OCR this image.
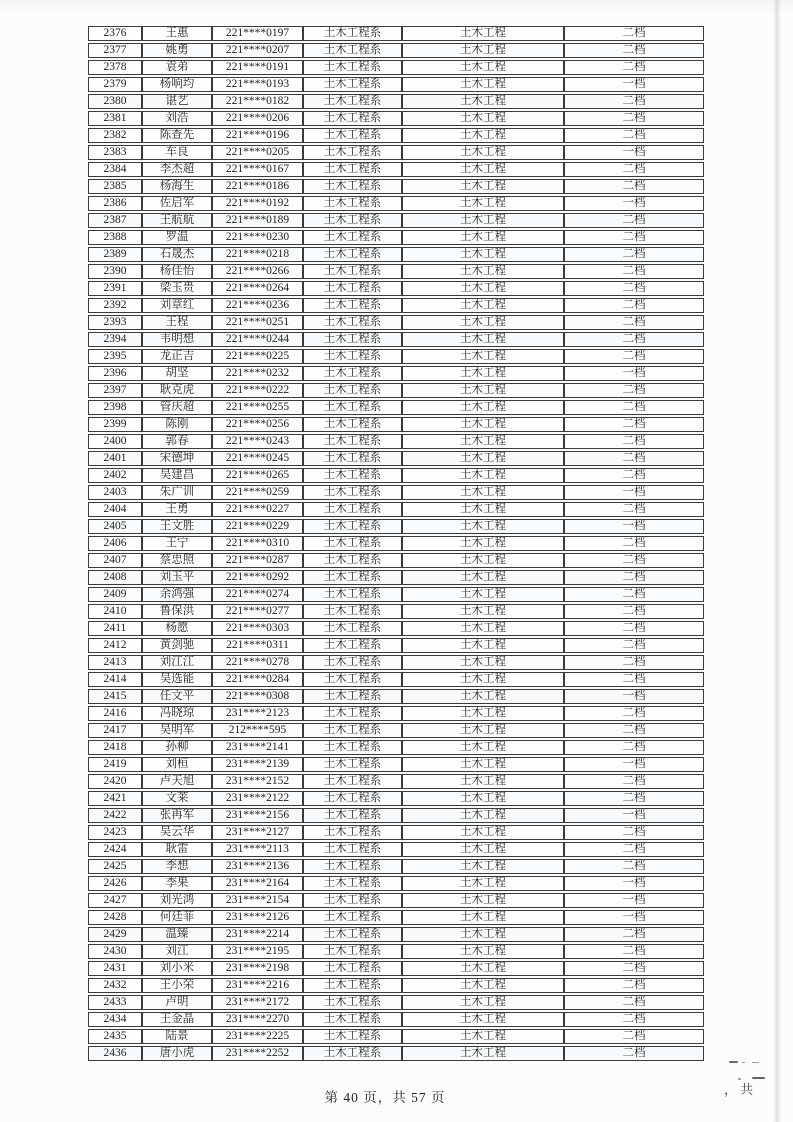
2376	王惠	221****0197	土木工程系	土木工程	二档
2377	姚勇	221****0207	土木工程系	土木工程	二档
2378	袁弟	221****0191	土木工程系	土木工程	二档
2379	杨响均	221****0193	土木工程系	土木工程	一档
2380	谌艺	221****0182	土木工程系	土木工程	二档
2381	刘浩	221****0206	土木工程系	土木工程	二档
2382	陈查先	221****0196	土木工程系	土木工程	二档
2383	车良	221****0205	土木工程系	土木工程	一档
2384	李杰超	221****0167	土木工程系	土木工程	二档
2385	杨海生	221****0186	土木工程系	土木工程	二档
2386	佐启军	221****0192	土木工程系	土木工程	一档
2387	王航航	221****0189	土木工程系	土木工程	二档
2388	罗温	221****0230	土木工程系	土木工程	二档
2389	石晟杰	221****0218	土木工程系	土木工程	二档
2390	杨佳怡	221****0266	土木工程系	土木工程	二档
2391	梁玉贵	221****0264	土木工程系	土木工程	二档
2392	刘章红	221****0236	土木工程系	土木工程	二档
2393	王程	221****0251	土木工程系	土木工程	二档
2394	韦明想	221****0244	土木工程系	土木工程	二档
2395	龙正吉	221****0225	土木工程系	土木工程	二档
2396	胡坚	221****0232	土木工程系	土木工程	一档
2397	耿克虎	221****0222	土木工程系	土木工程	二档
2398	管庆超	221****0255	土木工程系	土木工程	二档
2399	陈刚	221****0256	土木工程系	土木工程	二档
2400	郭春	221****0243	土木工程系	土木工程	二档
2401	宋德坤	221****0245	土木工程系	土木工程	二档
2402	吴建昌	221****0265	土木工程系	土木工程	二档
2403	朱广训	221****0259	土木工程系	土木工程	一档
2404	王勇	221****0227	土木工程系	土木工程	二档
2405	王文胜	221****0229	土木工程系	土木工程	一档
2406	王宁	221****0310	土木工程系	土木工程	二档
2407	蔡忠照	221****0287	土木工程系	土木工程	二档
2408	刘玉平	221****0292	土木工程系	土木工程	二档
2409	余鸿强	221****0274	土木工程系	土木工程	二档
2410	鲁保洪	221****0277	土木工程系	土木工程	二档
2411	杨愿	221****0303	土木工程系	土木工程	二档
2412	黄剑驰	221****0311	土木工程系	土木工程	二档
2413	刘江江	221****0278	土木工程系	土木工程	二档
2414	吴选能	221****0284	土木工程系	土木工程	二档
2415	任文平	221****0308	土木工程系	土木工程	一档
2416	冯晓琼	231****2123	土木工程系	土木工程	二档
2417	吴明军	212****595	土木工程系	土木工程	二档
2418	孙柳	231****2141	土木工程系	土木工程	二档
2419	刘桓	231****2139	土木工程系	土木工程	一档
2420	卢天旭	231****2152	土木工程系	土木工程	二档
2421	文莱	231****2122	土木工程系	土木工程	二档
2422	张再军	231****2156	土木工程系	土木工程	一档
2423	吴云华	231****2127	土木工程系	土木工程	二档
2424	耿雷	231****2113	土木工程系	土木工程	二档
2425	李想	231****2136	土木工程系	土木工程	二档
2426	李果	231****2164	土木工程系	土木工程	一档
2427	刘光鸿	231****2154	土木工程系	土木工程	一档
2428	何廷菲	231****2126	土木工程系	土木工程	一档
2429	温臻	231****2214	土木工程系	土木工程	二档
2430	刘江	231****2195	土木工程系	土木工程	二档
2431	刘小米	231****2198	土木工程系	土木工程	二档
2432	王小荣	231****2216	土木工程系	土木工程	二档
2433	卢明	231****2172	土木工程系	土木工程	二档
2434	王金晶	231****2270	土木工程系	土木工程	二档
2435	陆景	231****2225	土木工程系	土木工程	二档
2436	唐小虎	231****2252	土木工程系	土木工程	二档
第 40 页，共 57 页
，共
